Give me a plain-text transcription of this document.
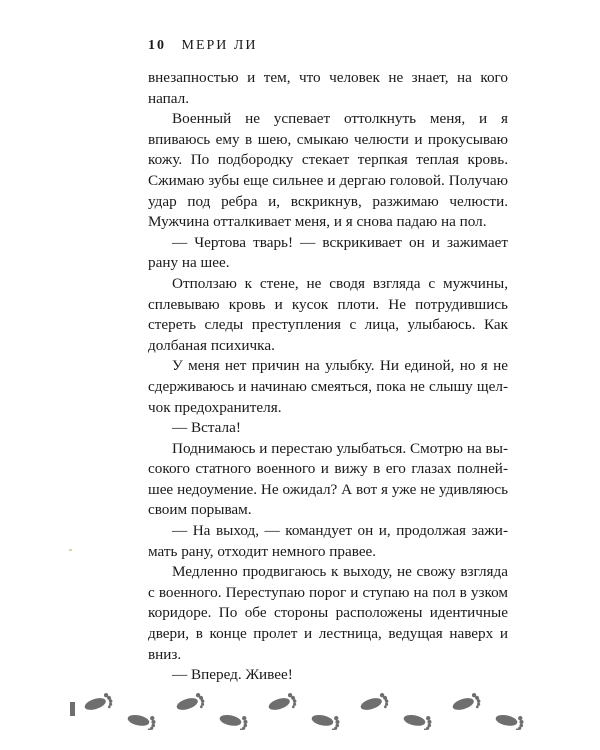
10 МЕРИ ЛИ

внезапностью и тем, что человек не знает, на кого напал.

Военный не успевает оттолкнуть меня, и я впиваюсь ему в шею, смыкаю челюсти и прокусываю кожу. По подбородку стекает терпкая теплая кровь. Сжимаю зубы еще сильнее и дергаю головой. Получаю удар под ребра и, вскрикнув, разжимаю челюсти. Мужчина отталкивает меня, и я снова падаю на пол.

— Чертова тварь! — вскрикивает он и зажимает рану на шее.

Отползаю к стене, не сводя взгляда с мужчины, сплевываю кровь и кусок плоти. Не потрудившись стереть следы преступления с лица, улыбаюсь. Как долбаная психичка.

У меня нет причин на улыбку. Ни единой, но я не сдерживаюсь и начинаю смеяться, пока не слышу щелчок предохранителя.

— Встала!

Поднимаюсь и перестаю улыбаться. Смотрю на высокого статного военного и вижу в его глазах полнейшее недоумение. Не ожидал? А вот я уже не удивляюсь своим порывам.

— На выход, — командует он и, продолжая зажимать рану, отходит немного правее.

Медленно продвигаюсь к выходу, не свожу взгляда с военного. Переступаю порог и ступаю на пол в узком коридоре. По обе стороны расположены идентичные двери, в конце пролет и лестница, ведущая наверх и вниз.

— Вперед. Живее!
